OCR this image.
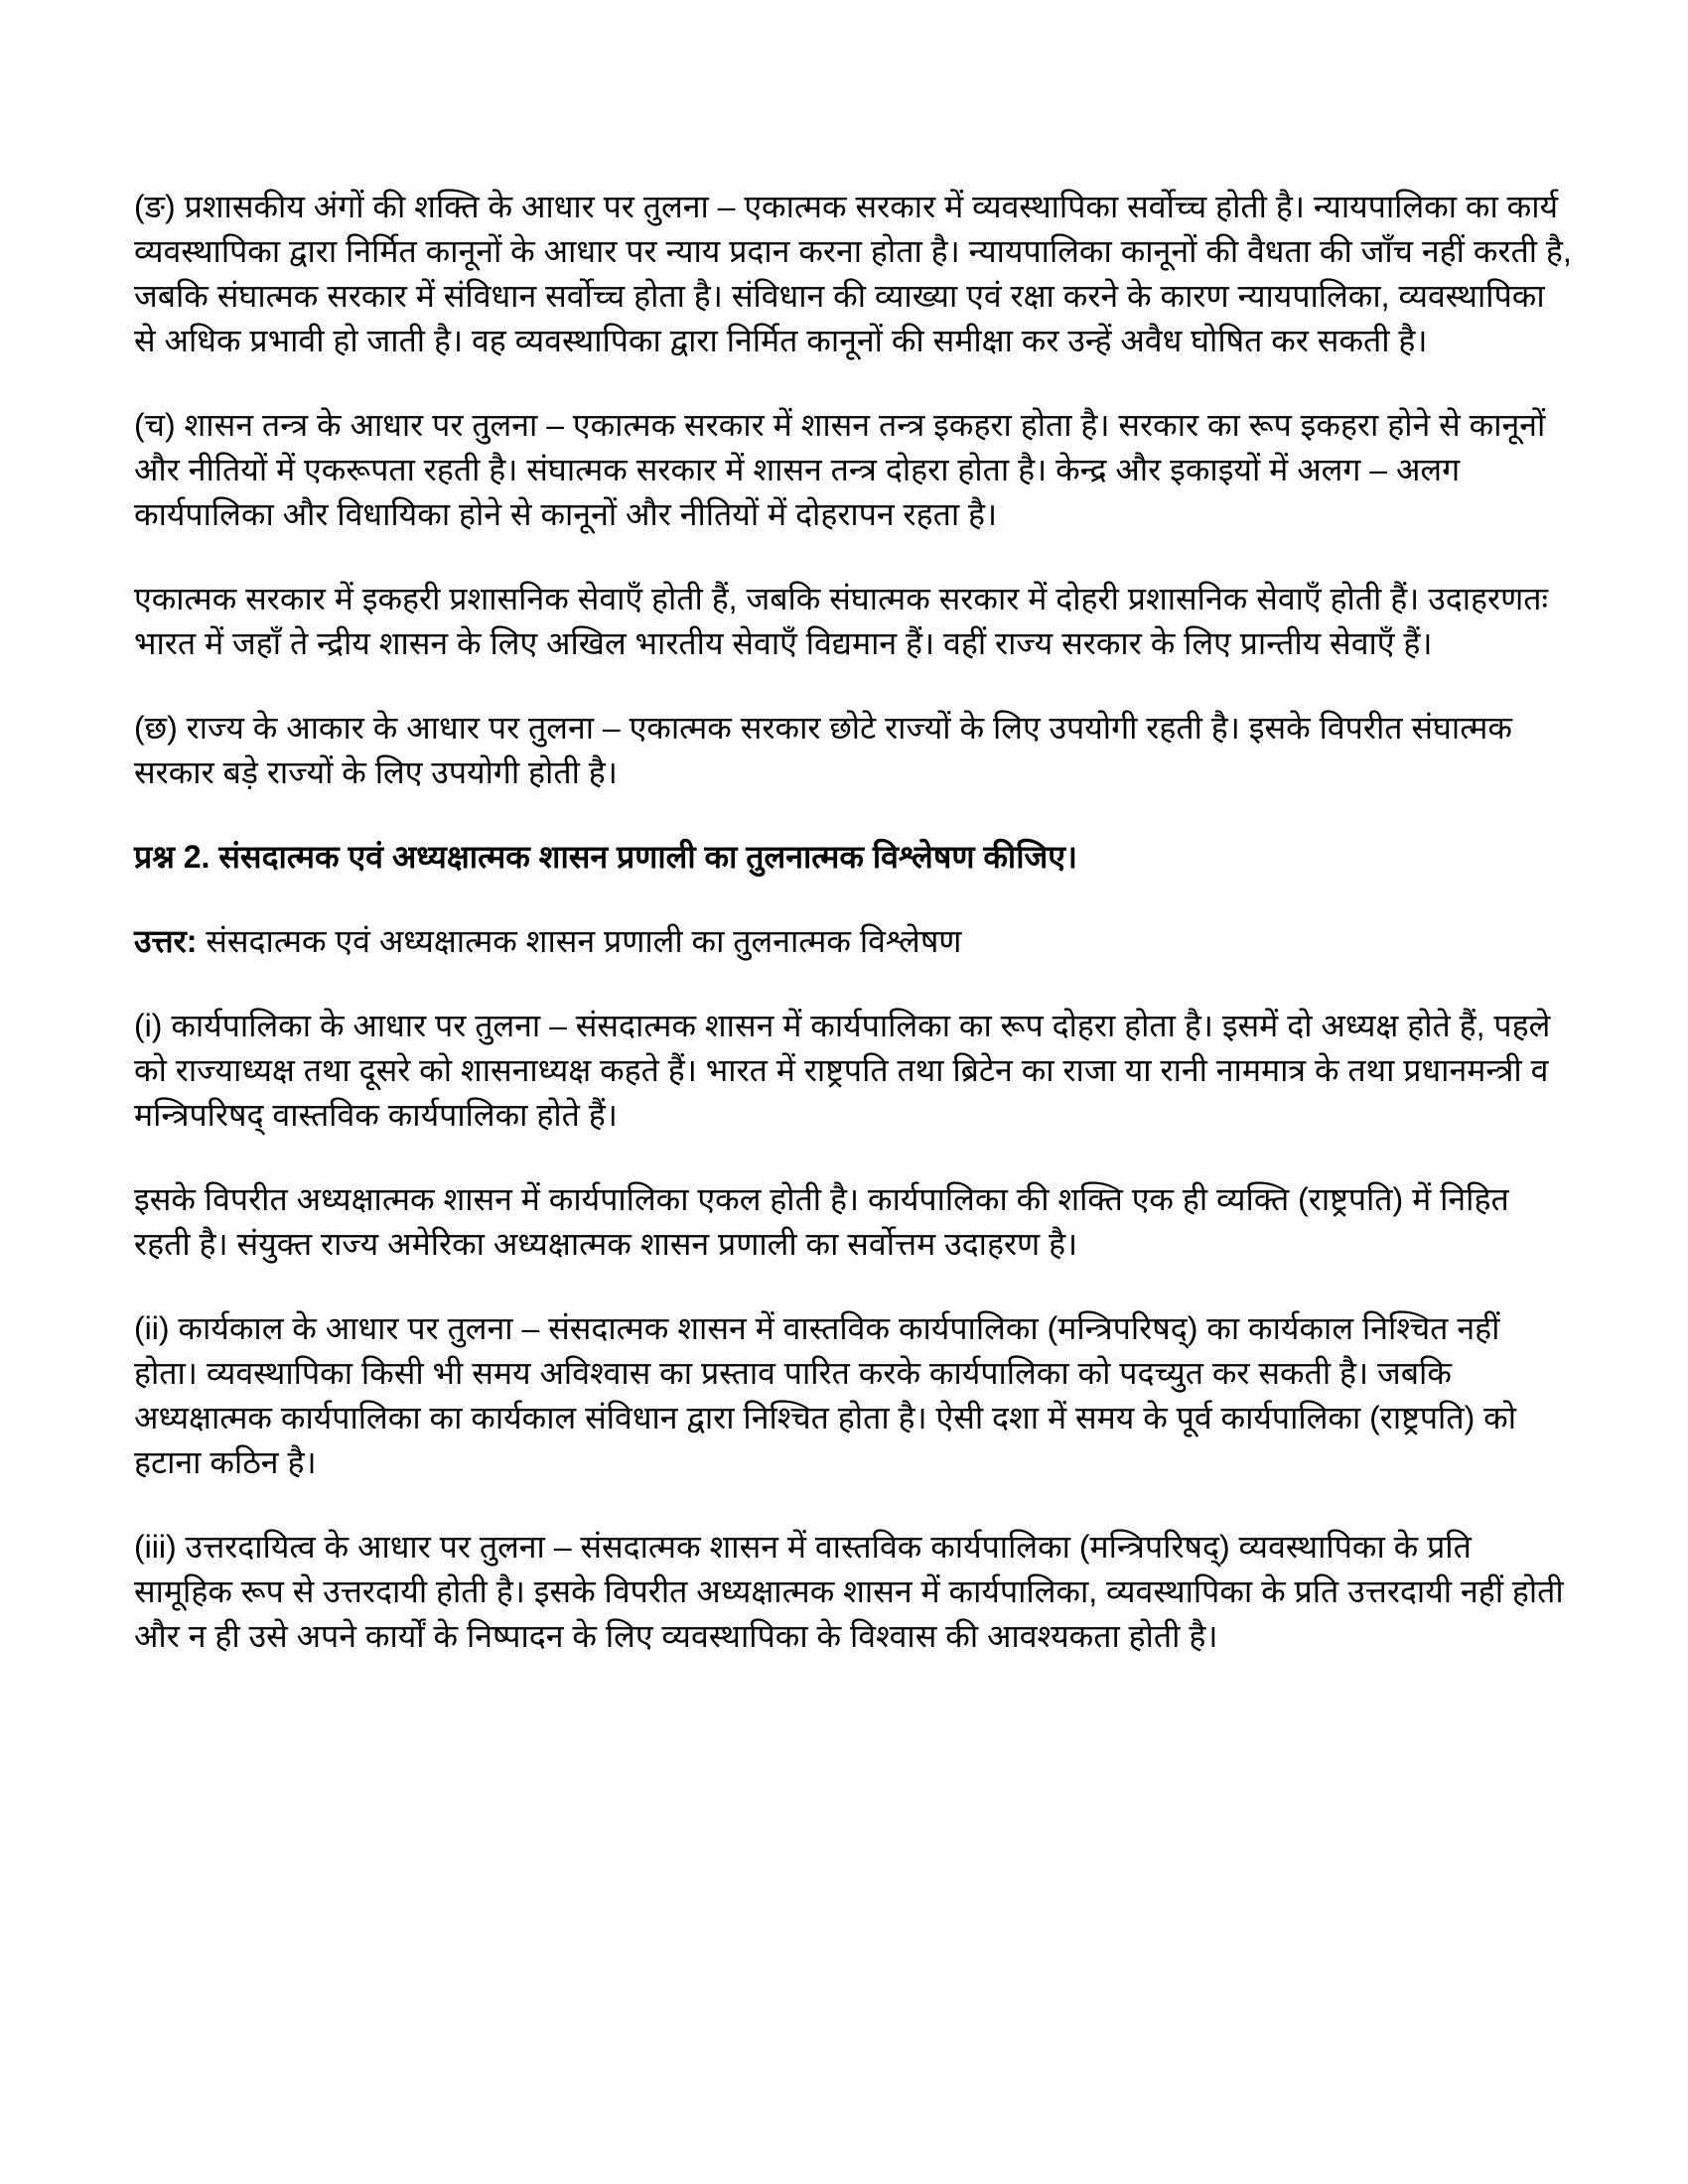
(ङ) प्रशासकीय अंगों की शक्ति के आधार पर तुलना – एकात्मक सरकार में व्यवस्थापिका सर्वोच्च होती है। न्यायपालिका का कार्य व्यवस्थापिका द्वारा निर्मित कानूनों के आधार पर न्याय प्रदान करना होता है। न्यायपालिका कानूनों की वैधता की जाँच नहीं करती है, जबकि संघात्मक सरकार में संविधान सर्वोच्च होता है। संविधान की व्याख्या एवं रक्षा करने के कारण न्यायपालिका, व्यवस्थापिका से अधिक प्रभावी हो जाती है। वह व्यवस्थापिका द्वारा निर्मित कानूनों की समीक्षा कर उन्हें अवैध घोषित कर सकती है।

(च) शासन तन्त्र के आधार पर तुलना – एकात्मक सरकार में शासन तन्त्र इकहरा होता है। सरकार का रूप इकहरा होने से कानूनों और नीतियों में एकरूपता रहती है। संघात्मक सरकार में शासन तन्त्र दोहरा होता है। केन्द्र और इकाइयों में अलग – अलग कार्यपालिका और विधायिका होने से कानूनों और नीतियों में दोहरापन रहता है।

एकात्मक सरकार में इकहरी प्रशासनिक सेवाएँ होती हैं, जबकि संघात्मक सरकार में दोहरी प्रशासनिक सेवाएँ होती हैं। उदाहरणतः भारत में जहाँ ते न्द्रीय शासन के लिए अखिल भारतीय सेवाएँ विद्यमान हैं। वहीं राज्य सरकार के लिए प्रान्तीय सेवाएँ हैं।

(छ) राज्य के आकार के आधार पर तुलना – एकात्मक सरकार छोटे राज्यों के लिए उपयोगी रहती है। इसके विपरीत संघात्मक सरकार बड़े राज्यों के लिए उपयोगी होती है।

प्रश्न 2. संसदात्मक एवं अध्यक्षात्मक शासन प्रणाली का तुलनात्मक विश्लेषण कीजिए।

उत्तर: संसदात्मक एवं अध्यक्षात्मक शासन प्रणाली का तुलनात्मक विश्लेषण

(i) कार्यपालिका के आधार पर तुलना – संसदात्मक शासन में कार्यपालिका का रूप दोहरा होता है। इसमें दो अध्यक्ष होते हैं, पहले को राज्याध्यक्ष तथा दूसरे को शासनाध्यक्ष कहते हैं। भारत में राष्ट्रपति तथा ब्रिटेन का राजा या रानी नाममात्र के तथा प्रधानमन्त्री व मन्त्रिपरिषद् वास्तविक कार्यपालिका होते हैं।

इसके विपरीत अध्यक्षात्मक शासन में कार्यपालिका एकल होती है। कार्यपालिका की शक्ति एक ही व्यक्ति (राष्ट्रपति) में निहित रहती है। संयुक्त राज्य अमेरिका अध्यक्षात्मक शासन प्रणाली का सर्वोत्तम उदाहरण है।

(ii) कार्यकाल के आधार पर तुलना – संसदात्मक शासन में वास्तविक कार्यपालिका (मन्त्रिपरिषद्) का कार्यकाल निश्चित नहीं होता। व्यवस्थापिका किसी भी समय अविश्वास का प्रस्ताव पारित करके कार्यपालिका को पदच्युत कर सकती है। जबकि अध्यक्षात्मक कार्यपालिका का कार्यकाल संविधान द्वारा निश्चित होता है। ऐसी दशा में समय के पूर्व कार्यपालिका (राष्ट्रपति) को हटाना कठिन है।

(iii) उत्तरदायित्व के आधार पर तुलना – संसदात्मक शासन में वास्तविक कार्यपालिका (मन्त्रिपरिषद्) व्यवस्थापिका के प्रति सामूहिक रूप से उत्तरदायी होती है। इसके विपरीत अध्यक्षात्मक शासन में कार्यपालिका, व्यवस्थापिका के प्रति उत्तरदायी नहीं होती और न ही उसे अपने कार्यों के निष्पादन के लिए व्यवस्थापिका के विश्वास की आवश्यकता होती है।
